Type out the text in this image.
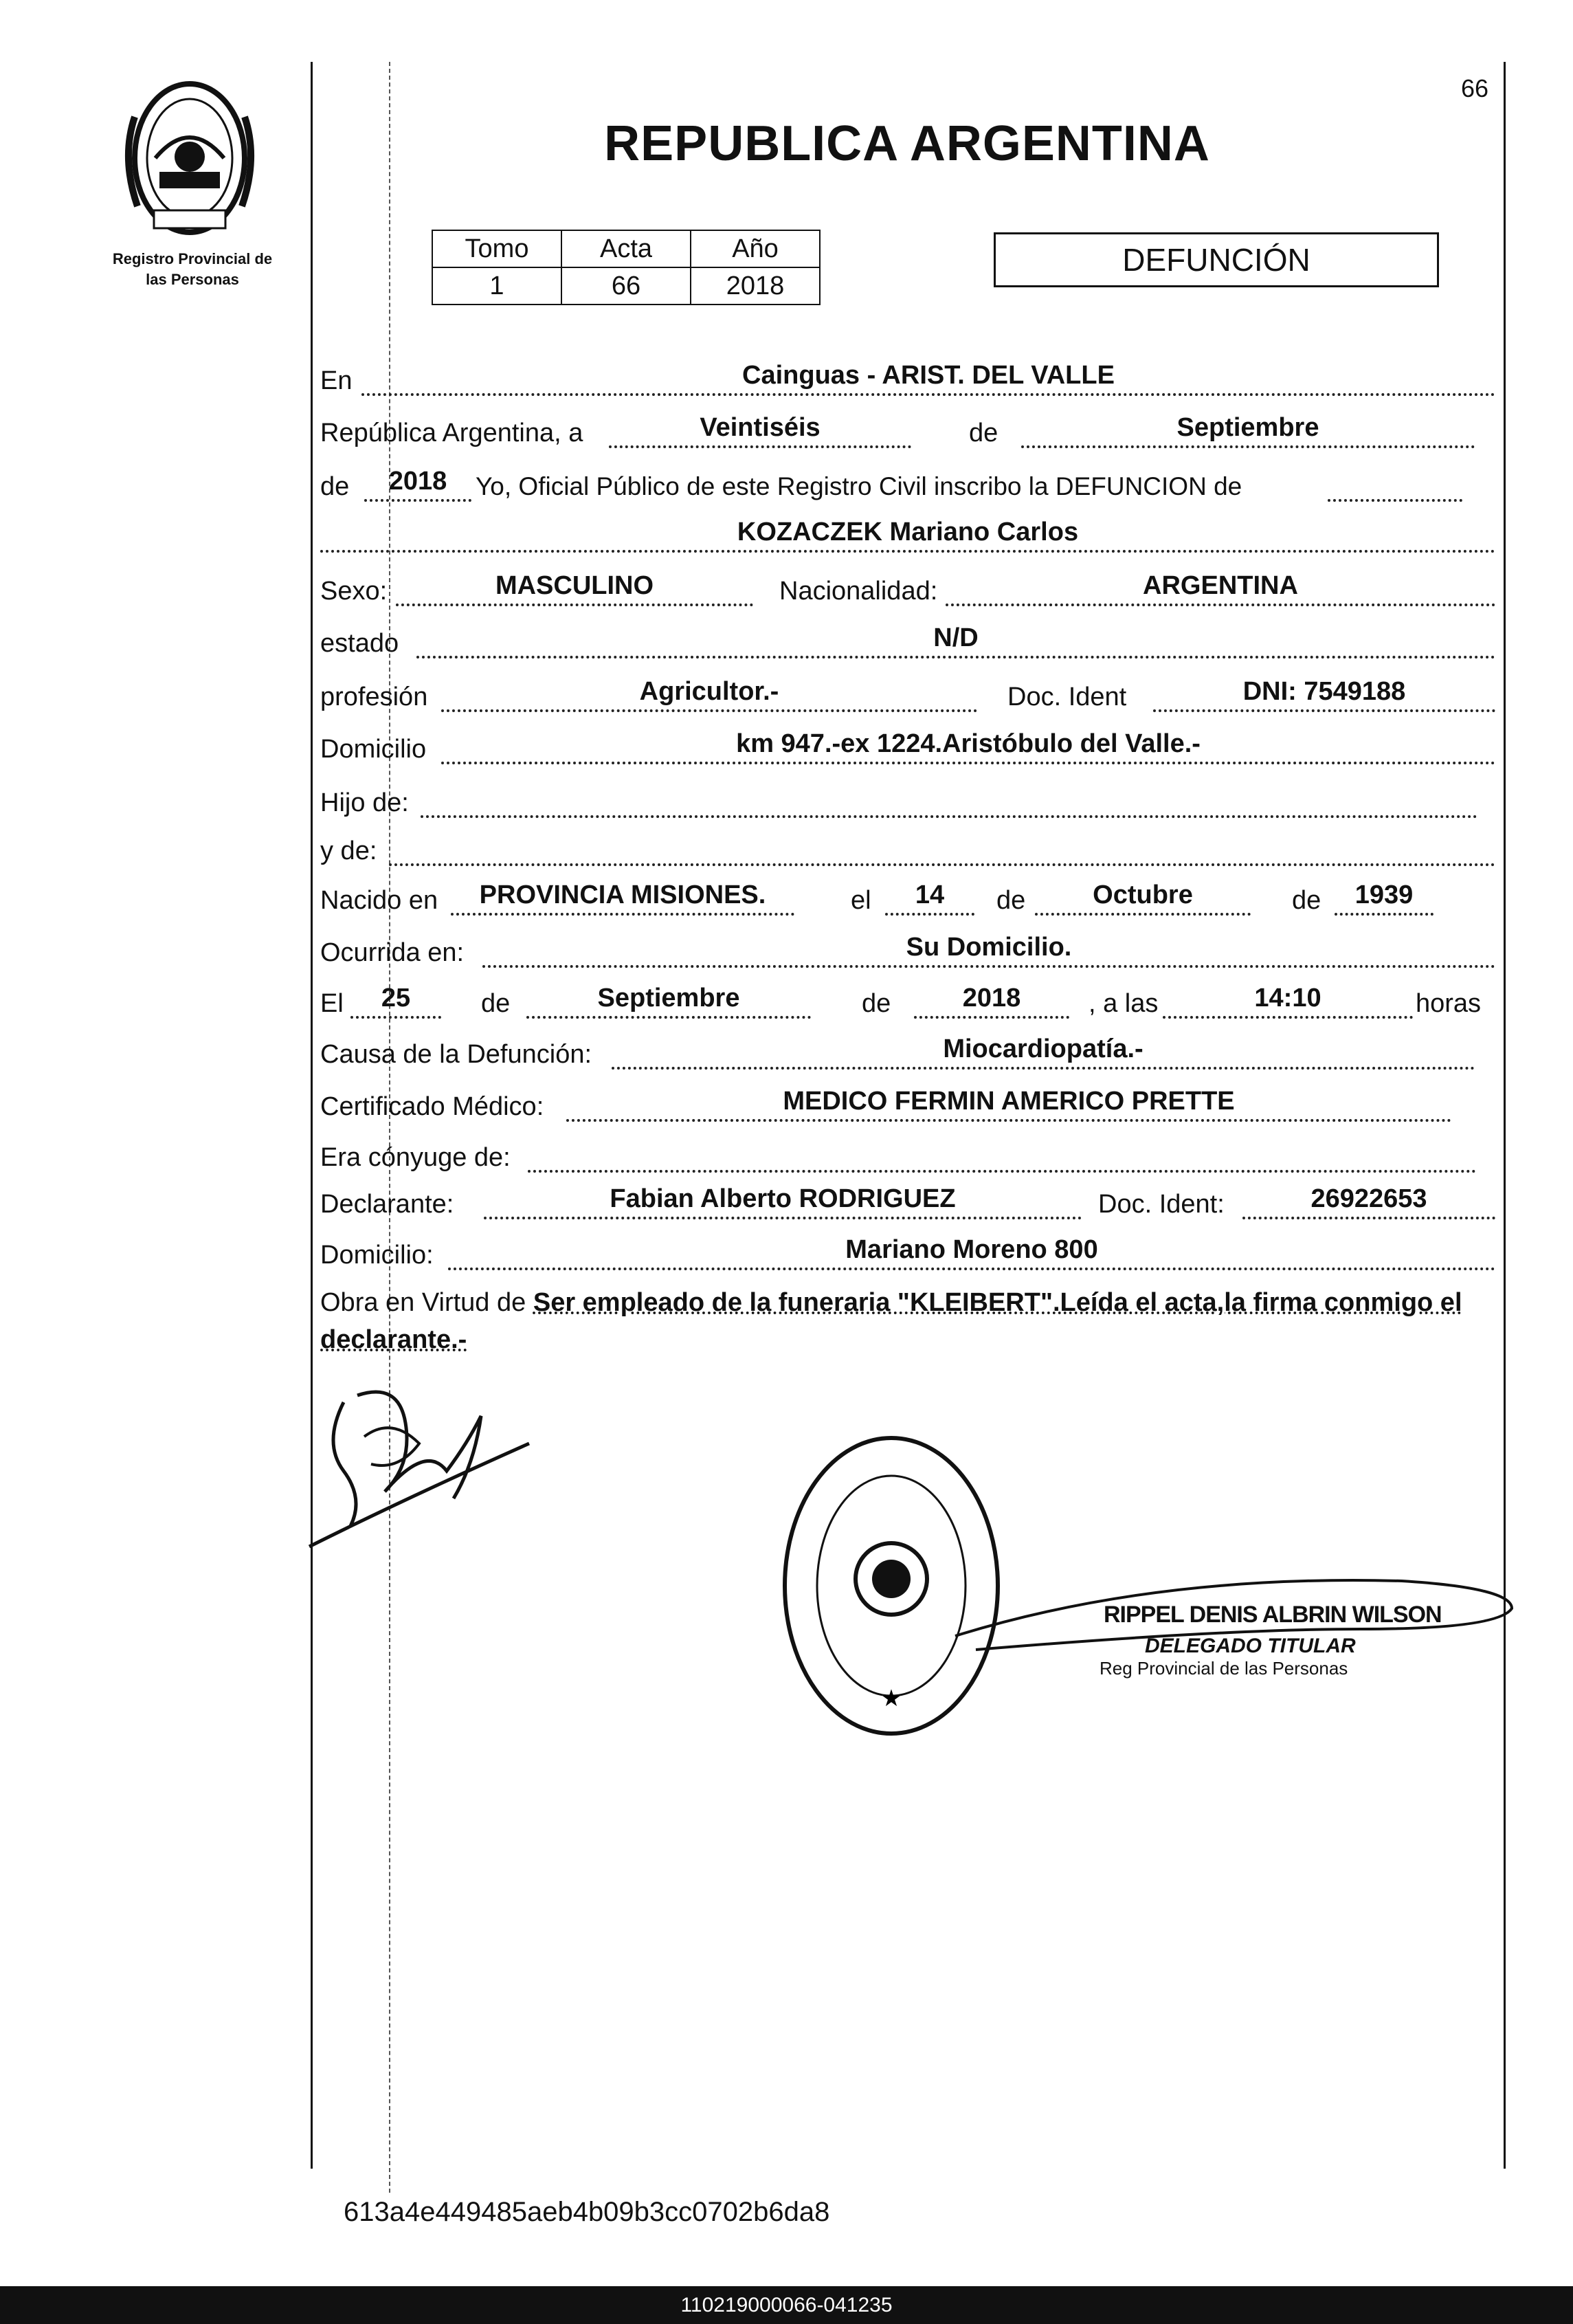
Registro Provincial de
las Personas
66
REPUBLICA ARGENTINA
Tomo	Acta	Año
1	66	2018
DEFUNCIÓN
En	Cainguas - ARIST. DEL VALLE
República Argentina, a	Veintiséis	de	Septiembre
de	2018	Yo, Oficial Público de este Registro Civil inscribo la DEFUNCION de
KOZACZEK Mariano Carlos
Sexo:	MASCULINO	Nacionalidad:	ARGENTINA
estado	N/D
profesión	Agricultor.-	Doc. Ident	DNI: 7549188
Domicilio	km 947.-ex 1224.Aristóbulo del Valle.-
Hijo de:
y de:
Nacido en	PROVINCIA MISIONES.	el	14	de	Octubre	de	1939
Ocurrida en:	Su Domicilio.
El	25	de	Septiembre	de	2018	, a las	14:10	horas
Causa de la Defunción:	Miocardiopatía.-
Certificado Médico:	MEDICO FERMIN AMERICO PRETTE
Era cónyuge de:
Declarante:	Fabian Alberto RODRIGUEZ	Doc. Ident:	26922653
Domicilio:	Mariano Moreno 800
Obra en Virtud de Ser empleado de la funeraria "KLEIBERT".Leída el acta,la firma conmigo el declarante.-
★
RIPPEL DENIS ALBRIN WILSON
DELEGADO TITULAR
Reg Provincial de las Personas
613a4e449485aeb4b09b3cc0702b6da8
110219000066-041235
